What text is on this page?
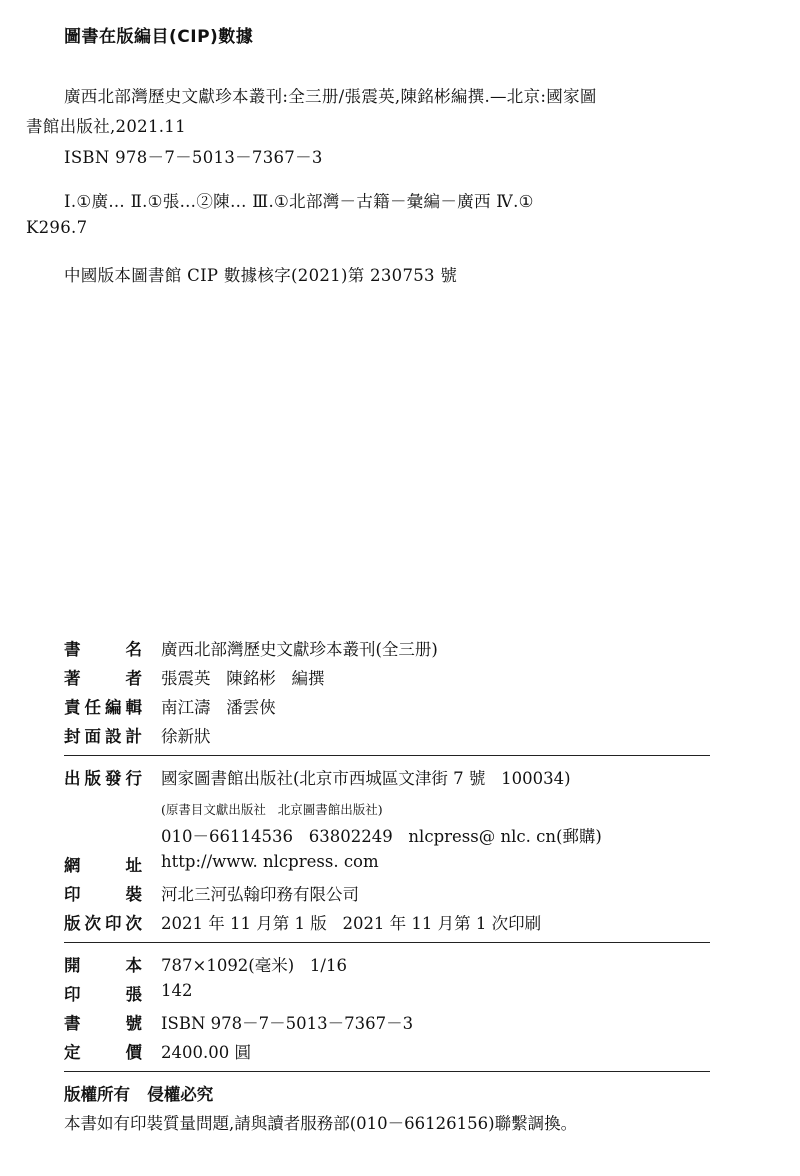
圖書在版編目(CIP)數據
廣西北部灣歷史文獻珍本叢刊:全三册/張震英,陳銘彬編撰.—北京:國家圖
書館出版社,2021.11
ISBN 978－7－5013－7367－3
Ⅰ.①廣… Ⅱ.①張…②陳… Ⅲ.①北部灣－古籍－彙編－廣西 Ⅳ.①
K296.7
中國版本圖書館 CIP 數據核字(2021)第 230753 號
書	名 廣西北部灣歷史文獻珍本叢刊(全三册)
著	者 張震英   陳銘彬   編撰
責 任 編 輯 南江濤   潘雲俠
封 面 設 計 徐新狀
出 版 發 行 國家圖書館出版社(北京市西城區文津街 7 號   100034)
(原書目文獻出版社   北京圖書館出版社)
010－66114536   63802249   nlcpress@ nlc. cn(郵購)
網	址 http://www. nlcpress. com
印	裝 河北三河弘翰印務有限公司
版 次 印 次 2021 年 11 月第 1 版   2021 年 11 月第 1 次印刷
開	本 787×1092(毫米)   1/16
印	張 142
書	號 ISBN 978－7－5013－7367－3
定	價 2400.00 圓
版權所有   侵權必究
本書如有印裝質量問題,請與讀者服務部(010－66126156)聯繫調換。
